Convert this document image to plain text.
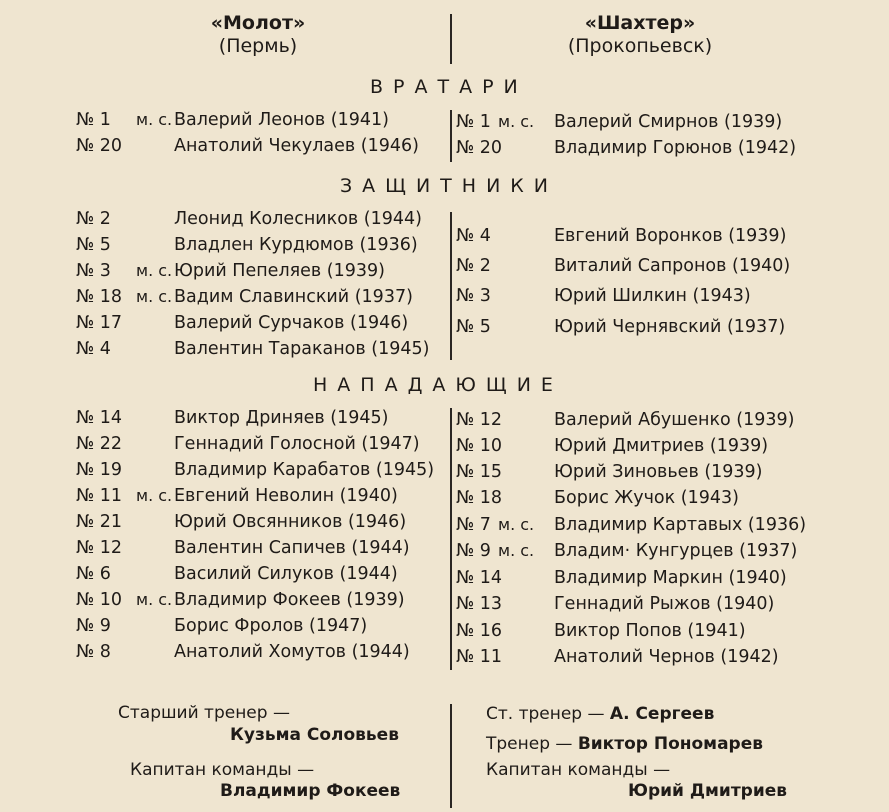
«Молот»
(Пермь)
«Шахтер»
(Прокопьевск)
ВРАТАРИ
ЗАЩИТНИКИ
НАПАДАЮЩИЕ
№ 1 м. с. Валерий Леонов (1941)
№ 20	Анатолий Чекулаев (1946)
№ 2	Леонид Колесников (1944)
№ 5	Владлен Курдюмов (1936)
№ 3 м. с. Юрий Пепеляев (1939)
№ 18 м. с. Вадим Славинский (1937)
№ 17	Валерий Сурчаков (1946)
№ 4	Валентин Тараканов (1945)
№ 14	Виктор Дриняев (1945)
№ 22	Геннадий Голосной (1947)
№ 19	Владимир Карабатов (1945)
№ 11 м. с. Евгений Неволин (1940)
№ 21	Юрий Овсянников (1946)
№ 12	Валентин Сапичев (1944)
№ 6	Василий Силуков (1944)
№ 10 м. с. Владимир Фокеев (1939)
№ 9	Борис Фролов (1947)
№ 8	Анатолий Хомутов (1944)
№ 1 м. с. Валерий Смирнов (1939)
№ 20	Владимир Горюнов (1942)
№ 4	Евгений Воронков (1939)
№ 2	Виталий Сапронов (1940)
№ 3	Юрий Шилкин (1943)
№ 5	Юрий Чернявский (1937)
№ 12	Валерий Абушенко (1939)
№ 10	Юрий Дмитриев (1939)
№ 15	Юрий Зиновьев (1939)
№ 18	Борис Жучок (1943)
№ 7 м. с. Владимир Картавых (1936)
№ 9 м. с. Владим· Кунгурцев (1937)
№ 14	Владимир Маркин (1940)
№ 13	Геннадий Рыжов (1940)
№ 16	Виктор Попов (1941)
№ 11	Анатолий Чернов (1942)
Старший тренер —
Кузьма Соловьев
Капитан команды —
Владимир Фокеев
Ст. тренер — А. Сергеев
Тренер — Виктор Пономарев
Капитан команды —
Юрий Дмитриев
